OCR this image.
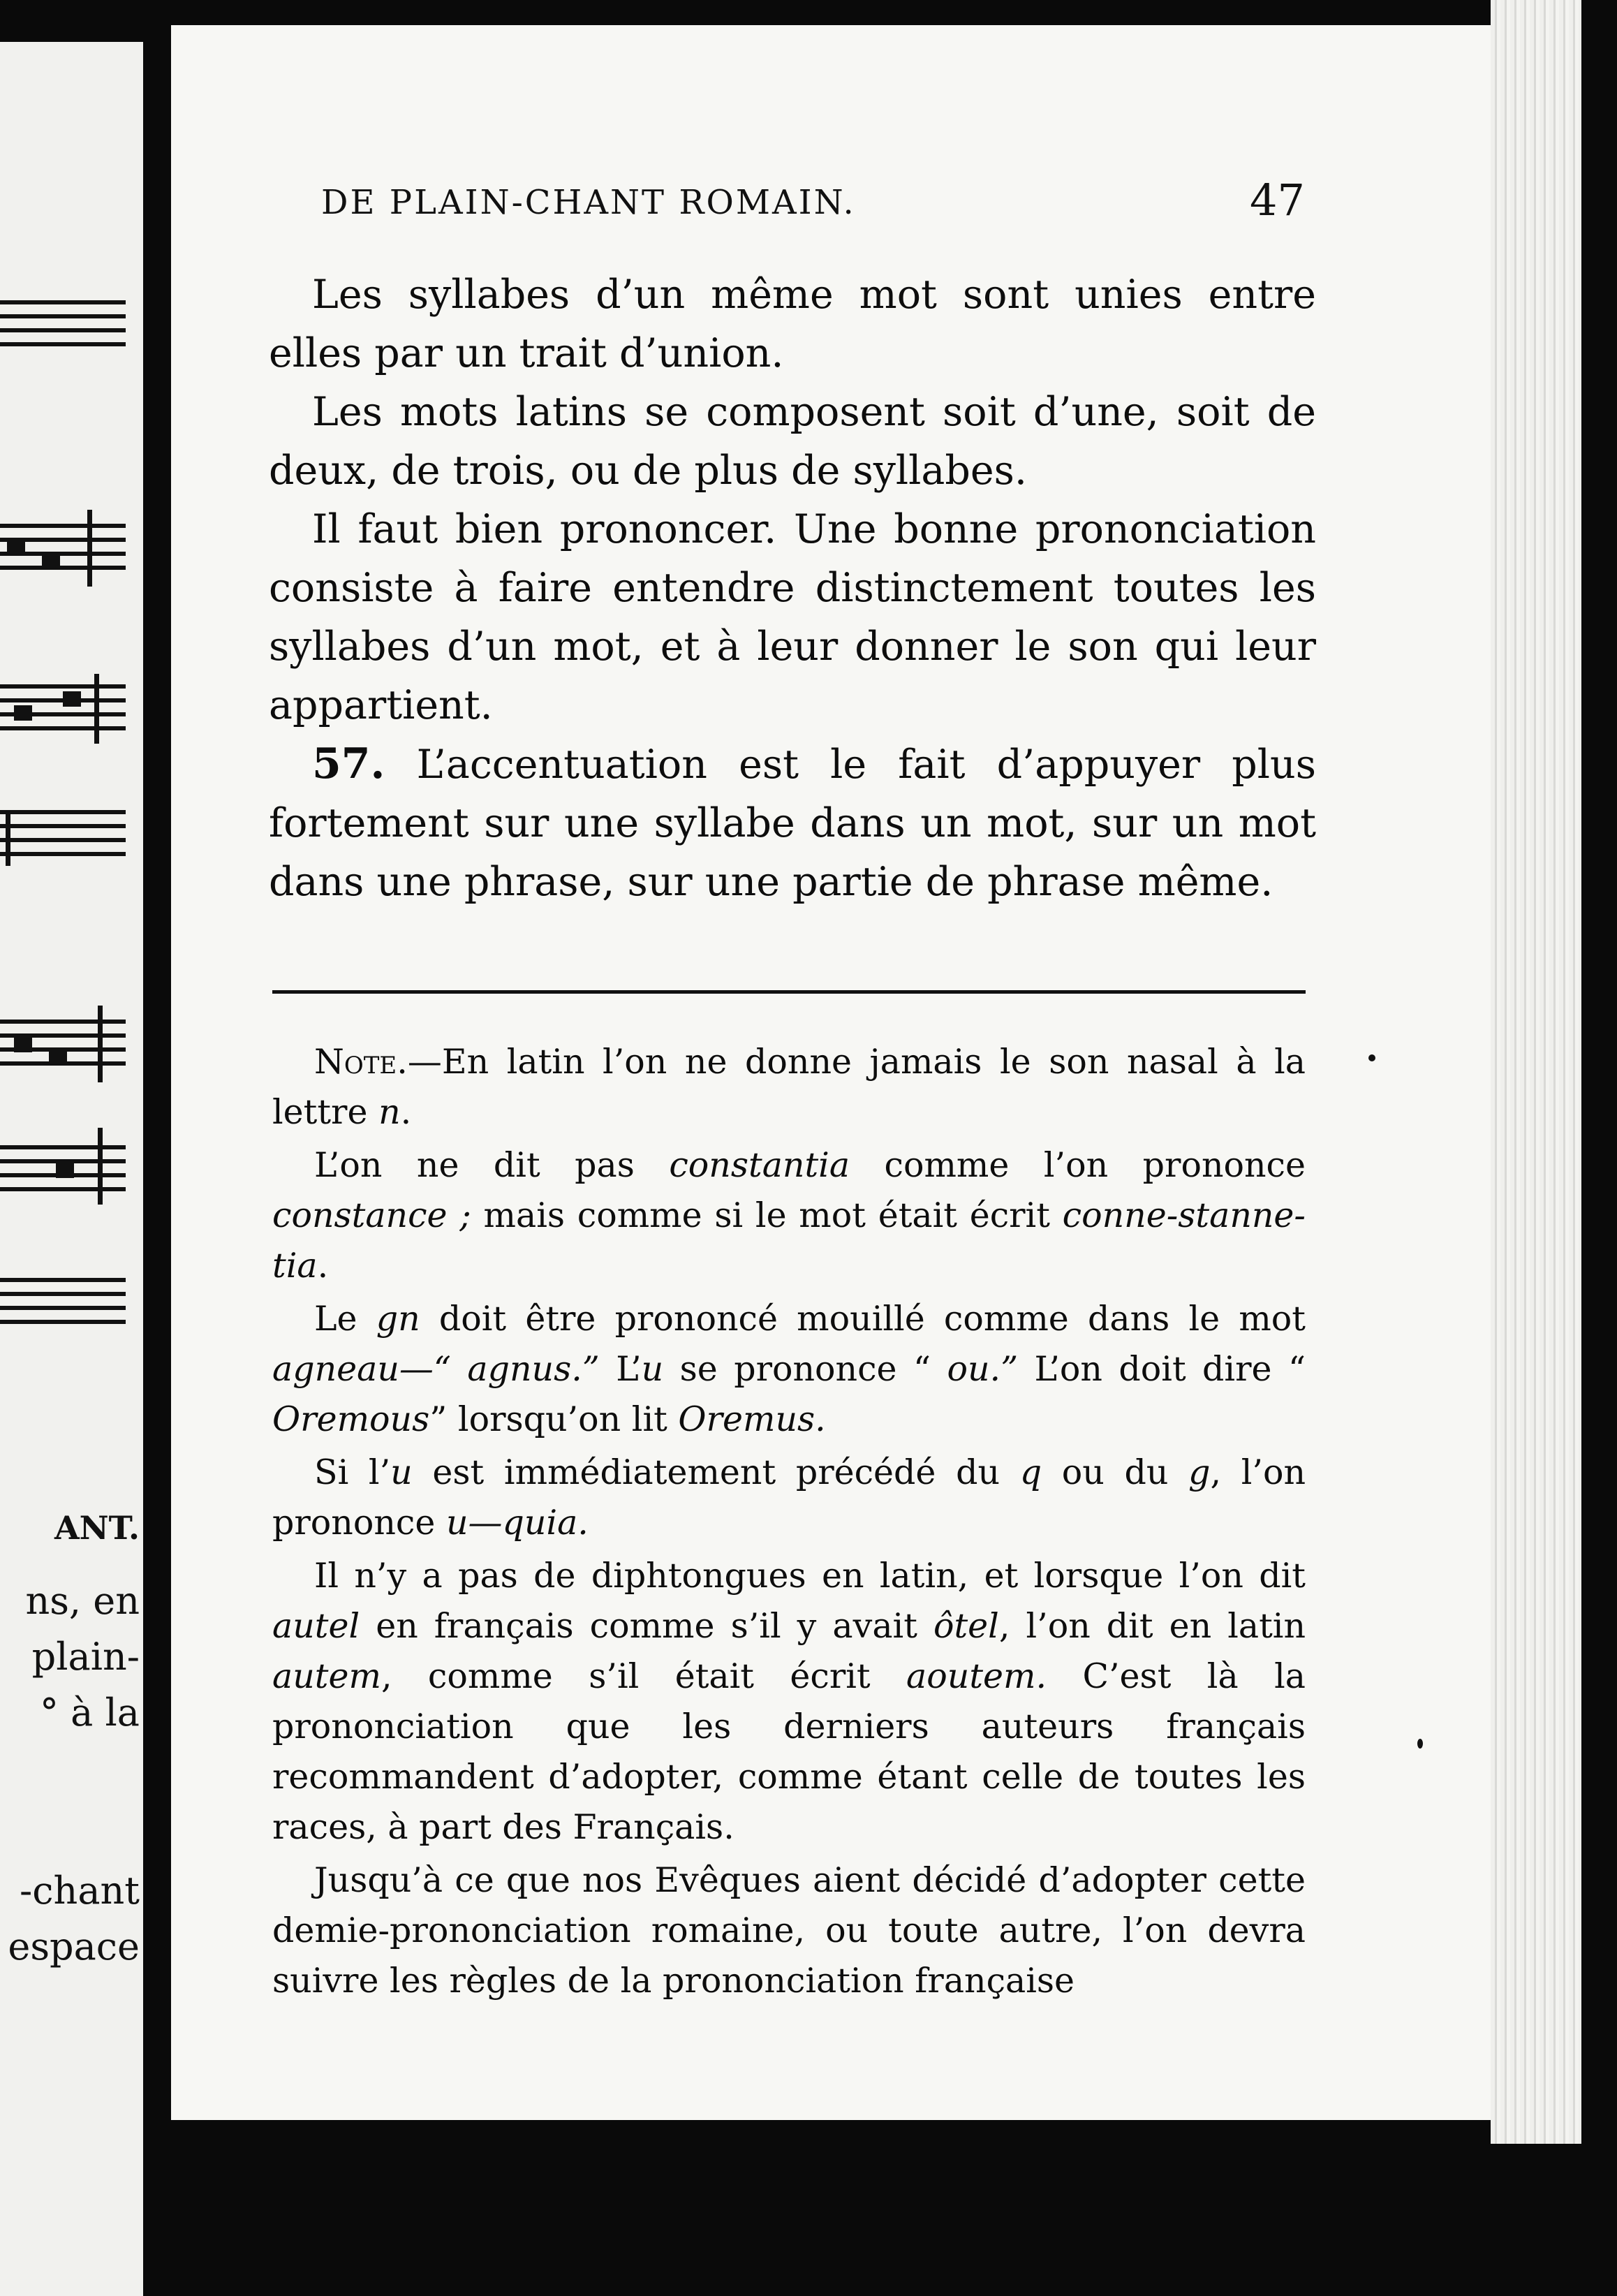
ANT.
ns, en
plain-
° à la
-chant
espace
DE PLAIN-CHANT ROMAIN.	47

Les syllabes d’un même mot sont unies entre elles par un trait d’union.

Les mots latins se composent soit d’une, soit de deux, de trois, ou de plus de syllabes.

Il faut bien prononcer. Une bonne prononciation consiste à faire entendre distinctement toutes les syllabes d’un mot, et à leur donner le son qui leur appartient.

57. L’accentuation est le fait d’appuyer plus fortement sur une syllabe dans un mot, sur un mot dans une phrase, sur une partie de phrase même.

Note.—En latin l’on ne donne jamais le son nasal à la lettre n.

L’on ne dit pas constantia comme l’on prononce constance ; mais comme si le mot était écrit conne-stanne-tia.

Le gn doit être prononcé mouillé comme dans le mot agneau—“ agnus.” L’u se prononce “ ou.” L’on doit dire “ Oremous” lorsqu’on lit Oremus.

Si l’u est immédiatement précédé du q ou du g, l’on prononce u—quia.

Il n’y a pas de diphtongues en latin, et lorsque l’on dit autel en français comme s’il y avait ôtel, l’on dit en latin autem, comme s’il était écrit aoutem. C’est là la prononciation que les derniers auteurs français recommandent d’adopter, comme étant celle de toutes les races, à part des Français.

Jusqu’à ce que nos Evêques aient décidé d’adopter cette demie-prononciation romaine, ou toute autre, l’on devra suivre les règles de la prononciation française
